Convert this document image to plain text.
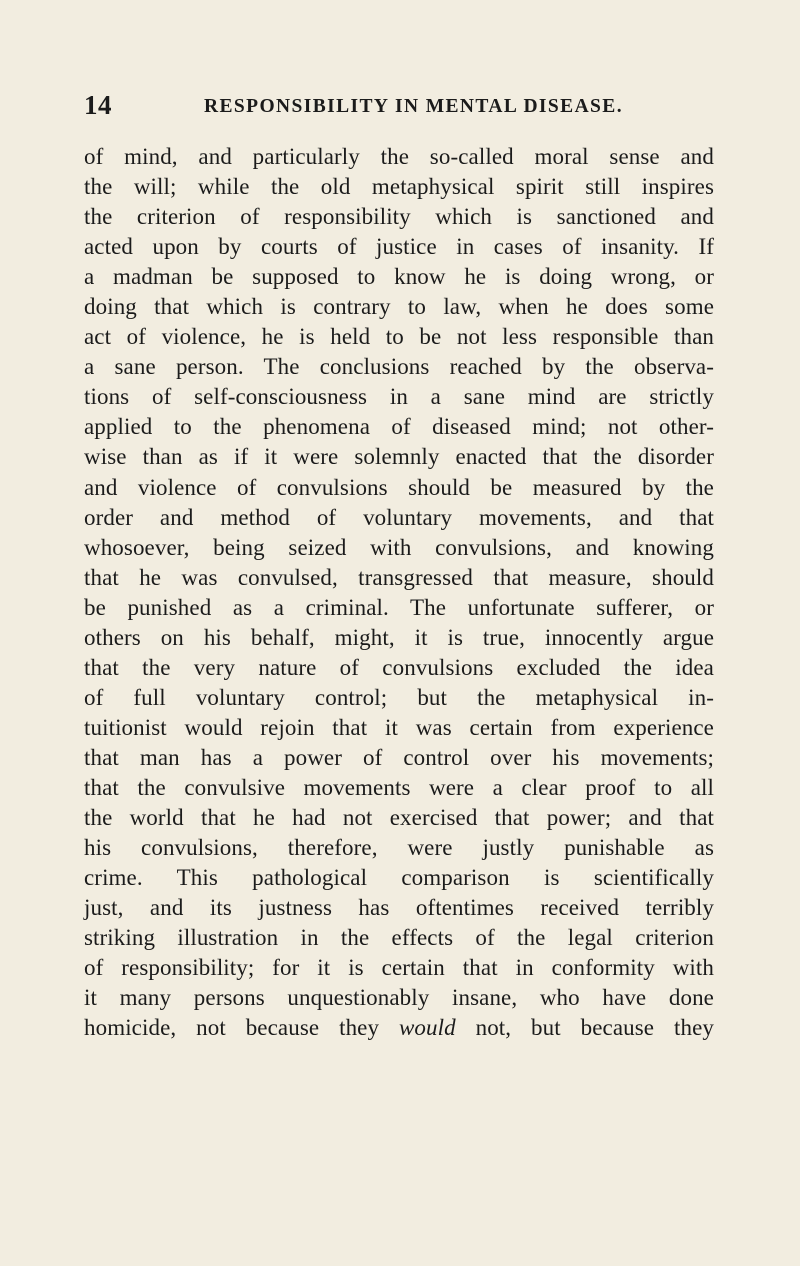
14	RESPONSIBILITY IN MENTAL DISEASE.
of mind, and particularly the so-called moral sense and
the will; while the old metaphysical spirit still inspires
the criterion of responsibility which is sanctioned and
acted upon by courts of justice in cases of insanity. If
a madman be supposed to know he is doing wrong, or
doing that which is contrary to law, when he does some
act of violence, he is held to be not less responsible than
a sane person. The conclusions reached by the observa-
tions of self-consciousness in a sane mind are strictly
applied to the phenomena of diseased mind; not other-
wise than as if it were solemnly enacted that the disorder
and violence of convulsions should be measured by the
order and method of voluntary movements, and that
whosoever, being seized with convulsions, and knowing
that he was convulsed, transgressed that measure, should
be punished as a criminal. The unfortunate sufferer, or
others on his behalf, might, it is true, innocently argue
that the very nature of convulsions excluded the idea
of full voluntary control; but the metaphysical in-
tuitionist would rejoin that it was certain from experience
that man has a power of control over his movements;
that the convulsive movements were a clear proof to all
the world that he had not exercised that power; and that
his convulsions, therefore, were justly punishable as
crime. This pathological comparison is scientifically
just, and its justness has oftentimes received terribly
striking illustration in the effects of the legal criterion
of responsibility; for it is certain that in conformity with
it many persons unquestionably insane, who have done
homicide, not because they would not, but because they
